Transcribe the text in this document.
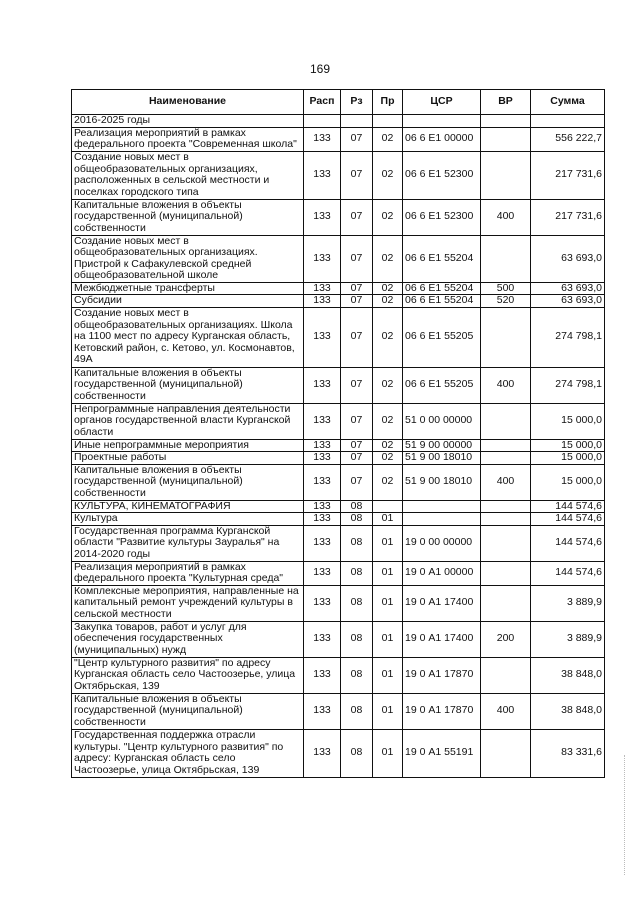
169
Наименование	Расп	Рз	Пр	ЦСР	ВР	Сумма
2016-2025 годы						
Реализация мероприятий в рамках федерального проекта "Современная школа"	133	07	02	06 6 Е1 00000		556 222,7
Создание новых мест в общеобразовательных организациях, расположенных в сельской местности и поселках городского типа	133	07	02	06 6 Е1 52300		217 731,6
Капитальные вложения в объекты государственной (муниципальной) собственности	133	07	02	06 6 Е1 52300	400	217 731,6
Создание новых мест в общеобразовательных организациях. Пристрой к Сафакулевской средней общеобразовательной школе	133	07	02	06 6 Е1 55204		63 693,0
Межбюджетные трансферты	133	07	02	06 6 Е1 55204	500	63 693,0
Субсидии	133	07	02	06 6 Е1 55204	520	63 693,0
Создание новых мест в общеобразовательных организациях. Школа на 1100 мест по адресу Курганская область, Кетовский район, с. Кетово, ул. Космонавтов, 49А	133	07	02	06 6 Е1 55205		274 798,1
Капитальные вложения в объекты государственной (муниципальной) собственности	133	07	02	06 6 Е1 55205	400	274 798,1
Непрограммные направления деятельности органов государственной власти Курганской области	133	07	02	51 0 00 00000		15 000,0
Иные непрограммные мероприятия	133	07	02	51 9 00 00000		15 000,0
Проектные работы	133	07	02	51 9 00 18010		15 000,0
Капитальные вложения в объекты государственной (муниципальной) собственности	133	07	02	51 9 00 18010	400	15 000,0
КУЛЬТУРА, КИНЕМАТОГРАФИЯ	133	08				144 574,6
Культура	133	08	01			144 574,6
Государственная программа Курганской области "Развитие культуры Зауралья" на 2014-2020 годы	133	08	01	19 0 00 00000		144 574,6
Реализация мероприятий в рамках федерального проекта "Культурная среда"	133	08	01	19 0 А1 00000		144 574,6
Комплексные мероприятия, направленные на капитальный ремонт учреждений культуры в сельской местности	133	08	01	19 0 А1 17400		3 889,9
Закупка товаров, работ и услуг для обеспечения государственных (муниципальных) нужд	133	08	01	19 0 А1 17400	200	3 889,9
"Центр культурного развития" по адресу Курганская область село Частоозерье, улица Октябрьская, 139	133	08	01	19 0 А1 17870		38 848,0
Капитальные вложения в объекты государственной (муниципальной) собственности	133	08	01	19 0 А1 17870	400	38 848,0
Государственная поддержка отрасли культуры. "Центр культурного развития" по адресу: Курганская область село Частоозерье, улица Октябрьская, 139	133	08	01	19 0 А1 55191		83 331,6
